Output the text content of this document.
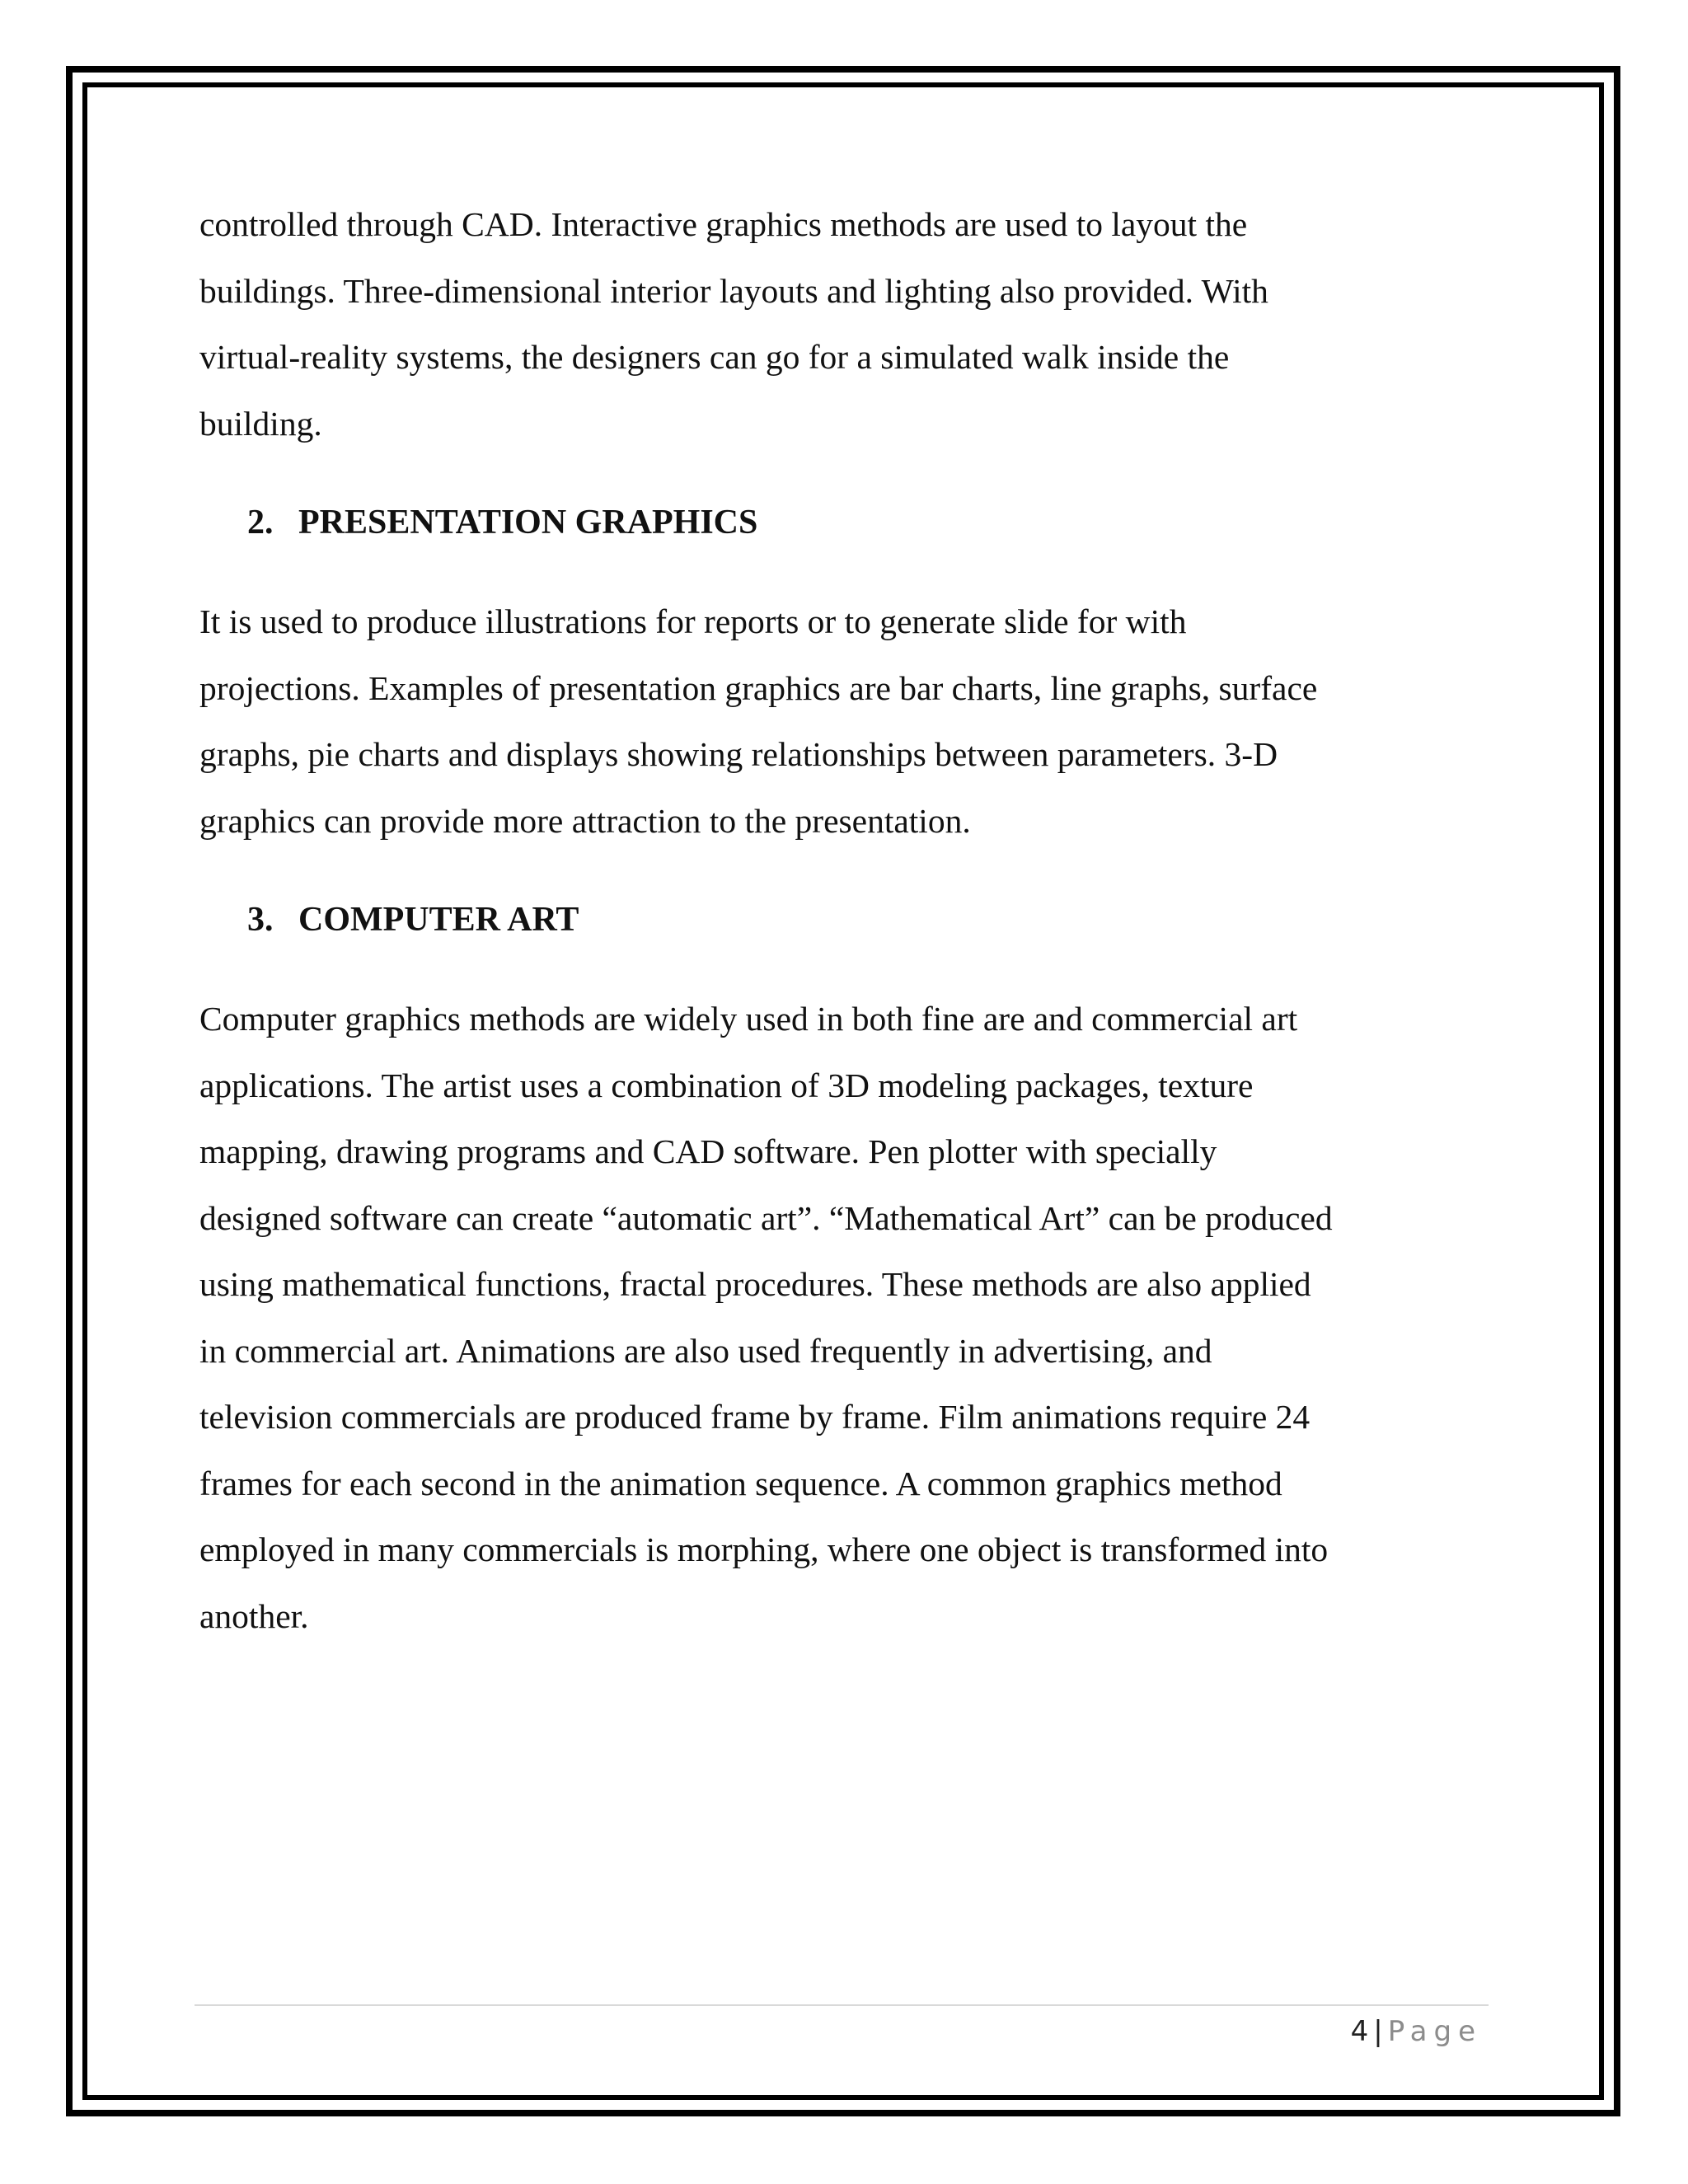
controlled through CAD. Interactive graphics methods are used to layout the
buildings. Three-dimensional interior layouts and lighting also provided. With
virtual-reality systems, the designers can go for a simulated walk inside the
building.
2. PRESENTATION GRAPHICS
It is used to produce illustrations for reports or to generate slide for with
projections. Examples of presentation graphics are bar charts, line graphs, surface
graphs, pie charts and displays showing relationships between parameters. 3-D
graphics can provide more attraction to the presentation.
3. COMPUTER ART
Computer graphics methods are widely used in both fine are and commercial art
applications. The artist uses a combination of 3D modeling packages, texture
mapping, drawing programs and CAD software. Pen plotter with specially
designed software can create “automatic art”. “Mathematical Art” can be produced
using mathematical functions, fractal procedures. These methods are also applied
in commercial art. Animations are also used frequently in advertising, and
television commercials are produced frame by frame. Film animations require 24
frames for each second in the animation sequence. A common graphics method
employed in many commercials is morphing, where one object is transformed into
another.
4 | Page
